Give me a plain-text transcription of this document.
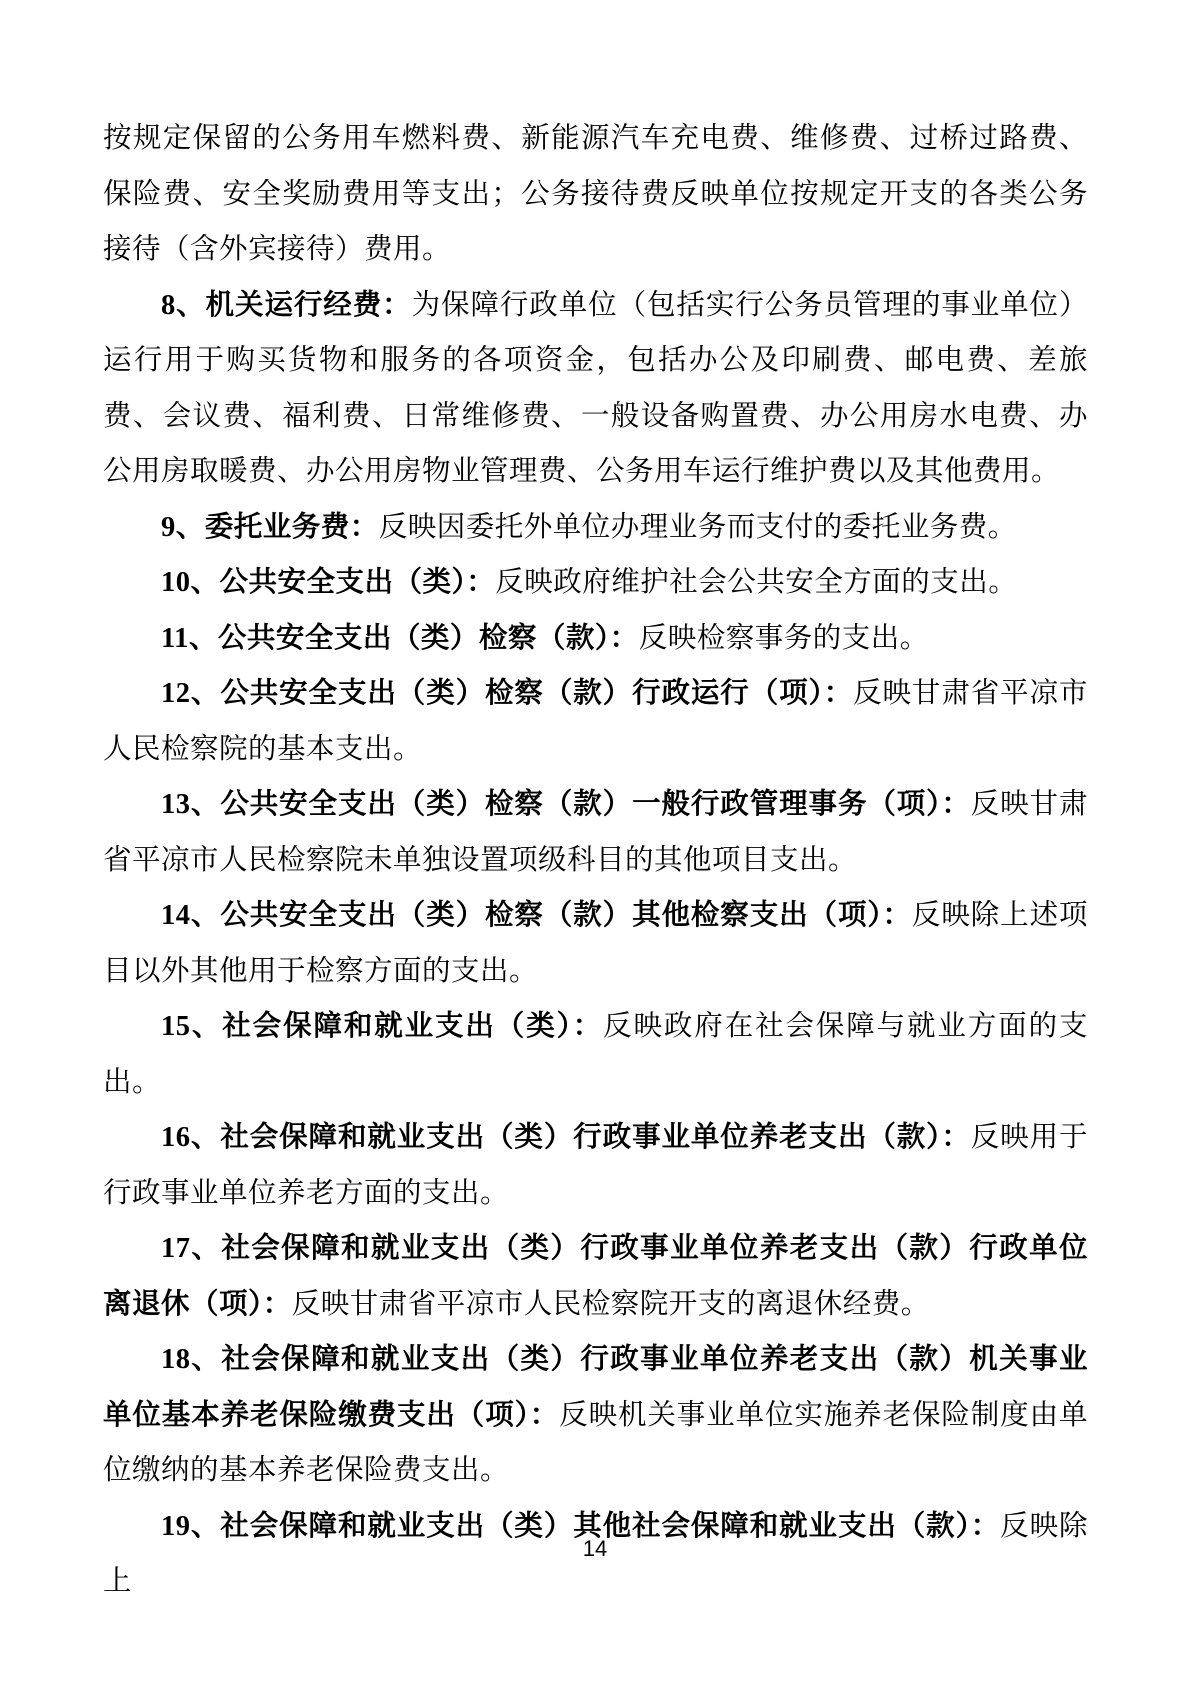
按规定保留的公务用车燃料费、新能源汽车充电费、维修费、过桥过路费、保险费、安全奖励费用等支出；公务接待费反映单位按规定开支的各类公务接待（含外宾接待）费用。

8、机关运行经费：为保障行政单位（包括实行公务员管理的事业单位）运行用于购买货物和服务的各项资金，包括办公及印刷费、邮电费、差旅费、会议费、福利费、日常维修费、一般设备购置费、办公用房水电费、办公用房取暖费、办公用房物业管理费、公务用车运行维护费以及其他费用。

9、委托业务费：反映因委托外单位办理业务而支付的委托业务费。

10、公共安全支出（类）：反映政府维护社会公共安全方面的支出。

11、公共安全支出（类）检察（款）：反映检察事务的支出。

12、公共安全支出（类）检察（款）行政运行（项）：反映甘肃省平凉市人民检察院的基本支出。

13、公共安全支出（类）检察（款）一般行政管理事务（项）：反映甘肃省平凉市人民检察院未单独设置项级科目的其他项目支出。

14、公共安全支出（类）检察（款）其他检察支出（项）：反映除上述项目以外其他用于检察方面的支出。

15、社会保障和就业支出（类）：反映政府在社会保障与就业方面的支出。

16、社会保障和就业支出（类）行政事业单位养老支出（款）：反映用于行政事业单位养老方面的支出。

17、社会保障和就业支出（类）行政事业单位养老支出（款）行政单位离退休（项）：反映甘肃省平凉市人民检察院开支的离退休经费。

18、社会保障和就业支出（类）行政事业单位养老支出（款）机关事业单位基本养老保险缴费支出（项）：反映机关事业单位实施养老保险制度由单位缴纳的基本养老保险费支出。

19、社会保障和就业支出（类）其他社会保障和就业支出（款）：反映除上

14
